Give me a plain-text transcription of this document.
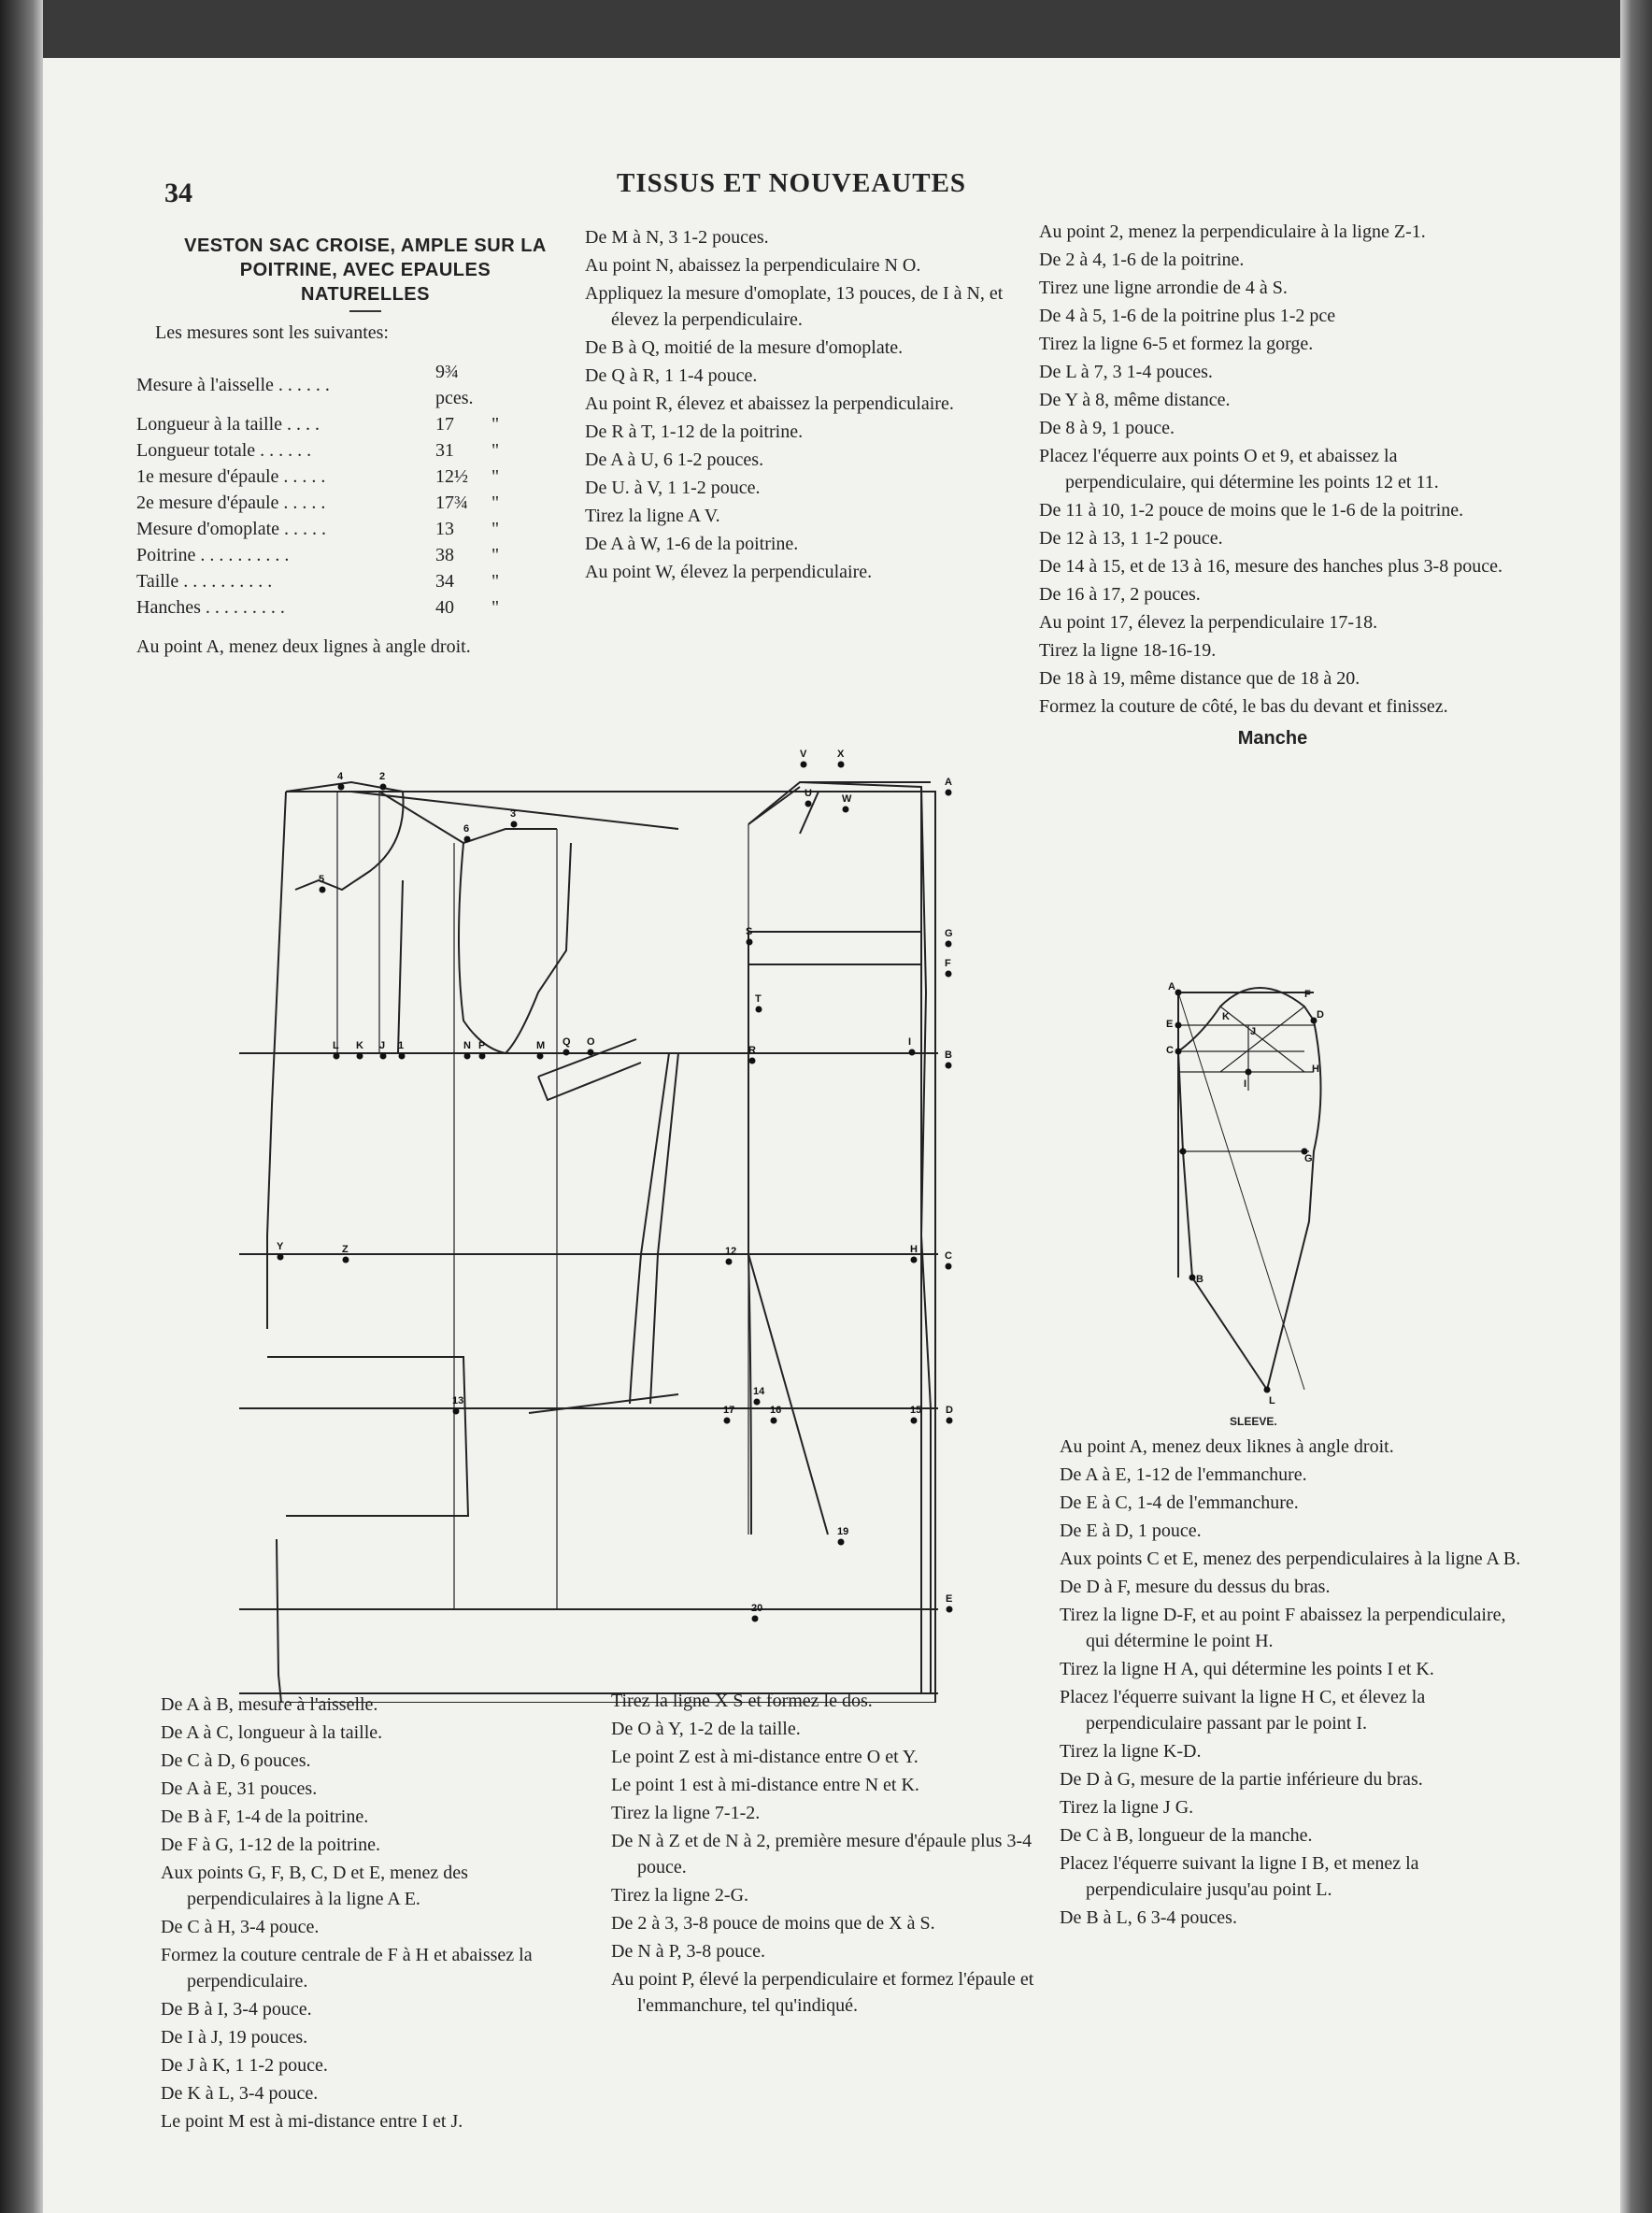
34	TISSUS ET NOUVEAUTES
VESTON SAC CROISE, AMPLE SUR LA
POITRINE, AVEC EPAULES
NATURELLES

Les mesures sont les suivantes:

Mesure à l'aisselle . . . . . .	9¾ pces.	
Longueur à la taille . . . .	17	"
Longueur totale . . . . . .	31	"
1e mesure d'épaule . . . . .	12½	"
2e mesure d'épaule . . . . .	17¾	"
Mesure d'omoplate . . . . .	13	"
Poitrine . . . . . . . . . .	38	"
Taille . . . . . . . . . .	34	"
Hanches . . . . . . . . .	40	"

Au point A, menez deux lignes à angle droit.

De M à N, 3 1-2 pouces.

Au point N, abaissez la perpendiculaire N O.

Appliquez la mesure d'omoplate, 13 pouces, de I à N, et élevez la perpendiculaire.

De B à Q, moitié de la mesure d'omoplate.

De Q à R, 1 1-4 pouce.

Au point R, élevez et abaissez la perpendiculaire.

De R à T, 1-12 de la poitrine.

De A à U, 6 1-2 pouces.

De U. à V, 1 1-2 pouce.

Tirez la ligne A V.

De A à W, 1-6 de la poitrine.

Au point W, élevez la perpendiculaire.

Au point 2, menez la perpendiculaire à la ligne Z-1.

De 2 à 4, 1-6 de la poitrine.

Tirez une ligne arrondie de 4 à S.

De 4 à 5, 1-6 de la poitrine plus 1-2 pce

Tirez la ligne 6-5 et formez la gorge.

De L à 7, 3 1-4 pouces.

De Y à 8, même distance.

De 8 à 9, 1 pouce.

Placez l'équerre aux points O et 9, et abaissez la perpendiculaire, qui détermine les points 12 et 11.

De 11 à 10, 1-2 pouce de moins que le 1-6 de la poitrine.

De 12 à 13, 1 1-2 pouce.

De 14 à 15, et de 13 à 16, mesure des hanches plus 3-8 pouce.

De 16 à 17, 2 pouces.

Au point 17, élevez la perpendiculaire 17-18.

Tirez la ligne 18-16-19.

De 18 à 19, même distance que de 18 à 20.

Formez la couture de côté, le bas du devant et finissez.

Manche
4	2
6
3
5
L K J 1	N P	M Q O
R
I
B
A
G
F
S
T
U
V	X
W
Y	Z
C
H
12
13
14
15
16
17
19
20
D
E
A
E
C
D
F
H
I
J
K
G
B
L
SLEEVE.

Au point A, menez deux liknes à angle droit.

De A à E, 1-12 de l'emmanchure.

De E à C, 1-4 de l'emmanchure.

De E à D, 1 pouce.

Aux points C et E, menez des perpendiculaires à la ligne A B.

De D à F, mesure du dessus du bras.

Tirez la ligne D-F, et au point F abaissez la perpendiculaire, qui détermine le point H.

Tirez la ligne H A, qui détermine les points I et K.

Placez l'équerre suivant la ligne H C, et élevez la perpendiculaire passant par le point I.

Tirez la ligne K-D.

De D à G, mesure de la partie inférieure du bras.

Tirez la ligne J G.

De C à B, longueur de la manche.

Placez l'équerre suivant la ligne I B, et menez la perpendiculaire jusqu'au point L.

De B à L, 6 3-4 pouces.

De A à B, mesure à l'aisselle.

De A à C, longueur à la taille.

De C à D, 6 pouces.

De A à E, 31 pouces.

De B à F, 1-4 de la poitrine.

De F à G, 1-12 de la poitrine.

Aux points G, F, B, C, D et E, menez des perpendiculaires à la ligne A E.

De C à H, 3-4 pouce.

Formez la couture centrale de F à H et abaissez la perpendiculaire.

De B à I, 3-4 pouce.

De I à J, 19 pouces.

De J à K, 1 1-2 pouce.

De K à L, 3-4 pouce.

Le point M est à mi-distance entre I et J.

Tirez la ligne X S et formez le dos.

De O à Y, 1-2 de la taille.

Le point Z est à mi-distance entre O et Y.

Le point 1 est à mi-distance entre N et K.

Tirez la ligne 7-1-2.

De N à Z et de N à 2, première mesure d'épaule plus 3-4 pouce.

Tirez la ligne 2-G.

De 2 à 3, 3-8 pouce de moins que de X à S.

De N à P, 3-8 pouce.

Au point P, élevé la perpendiculaire et formez l'épaule et l'emmanchure, tel qu'indiqué.
